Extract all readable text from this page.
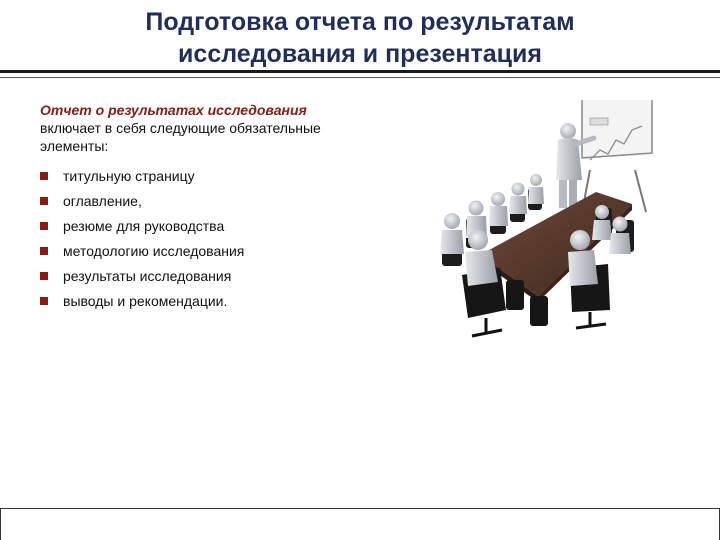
Подготовка отчета по результатам
исследования и презентация
Отчет о результатах исследования
включает в себя следующие обязательные элементы:
титульную страницу
оглавление,
резюме для руководства
методологию исследования
результаты исследования
выводы и рекомендации.
